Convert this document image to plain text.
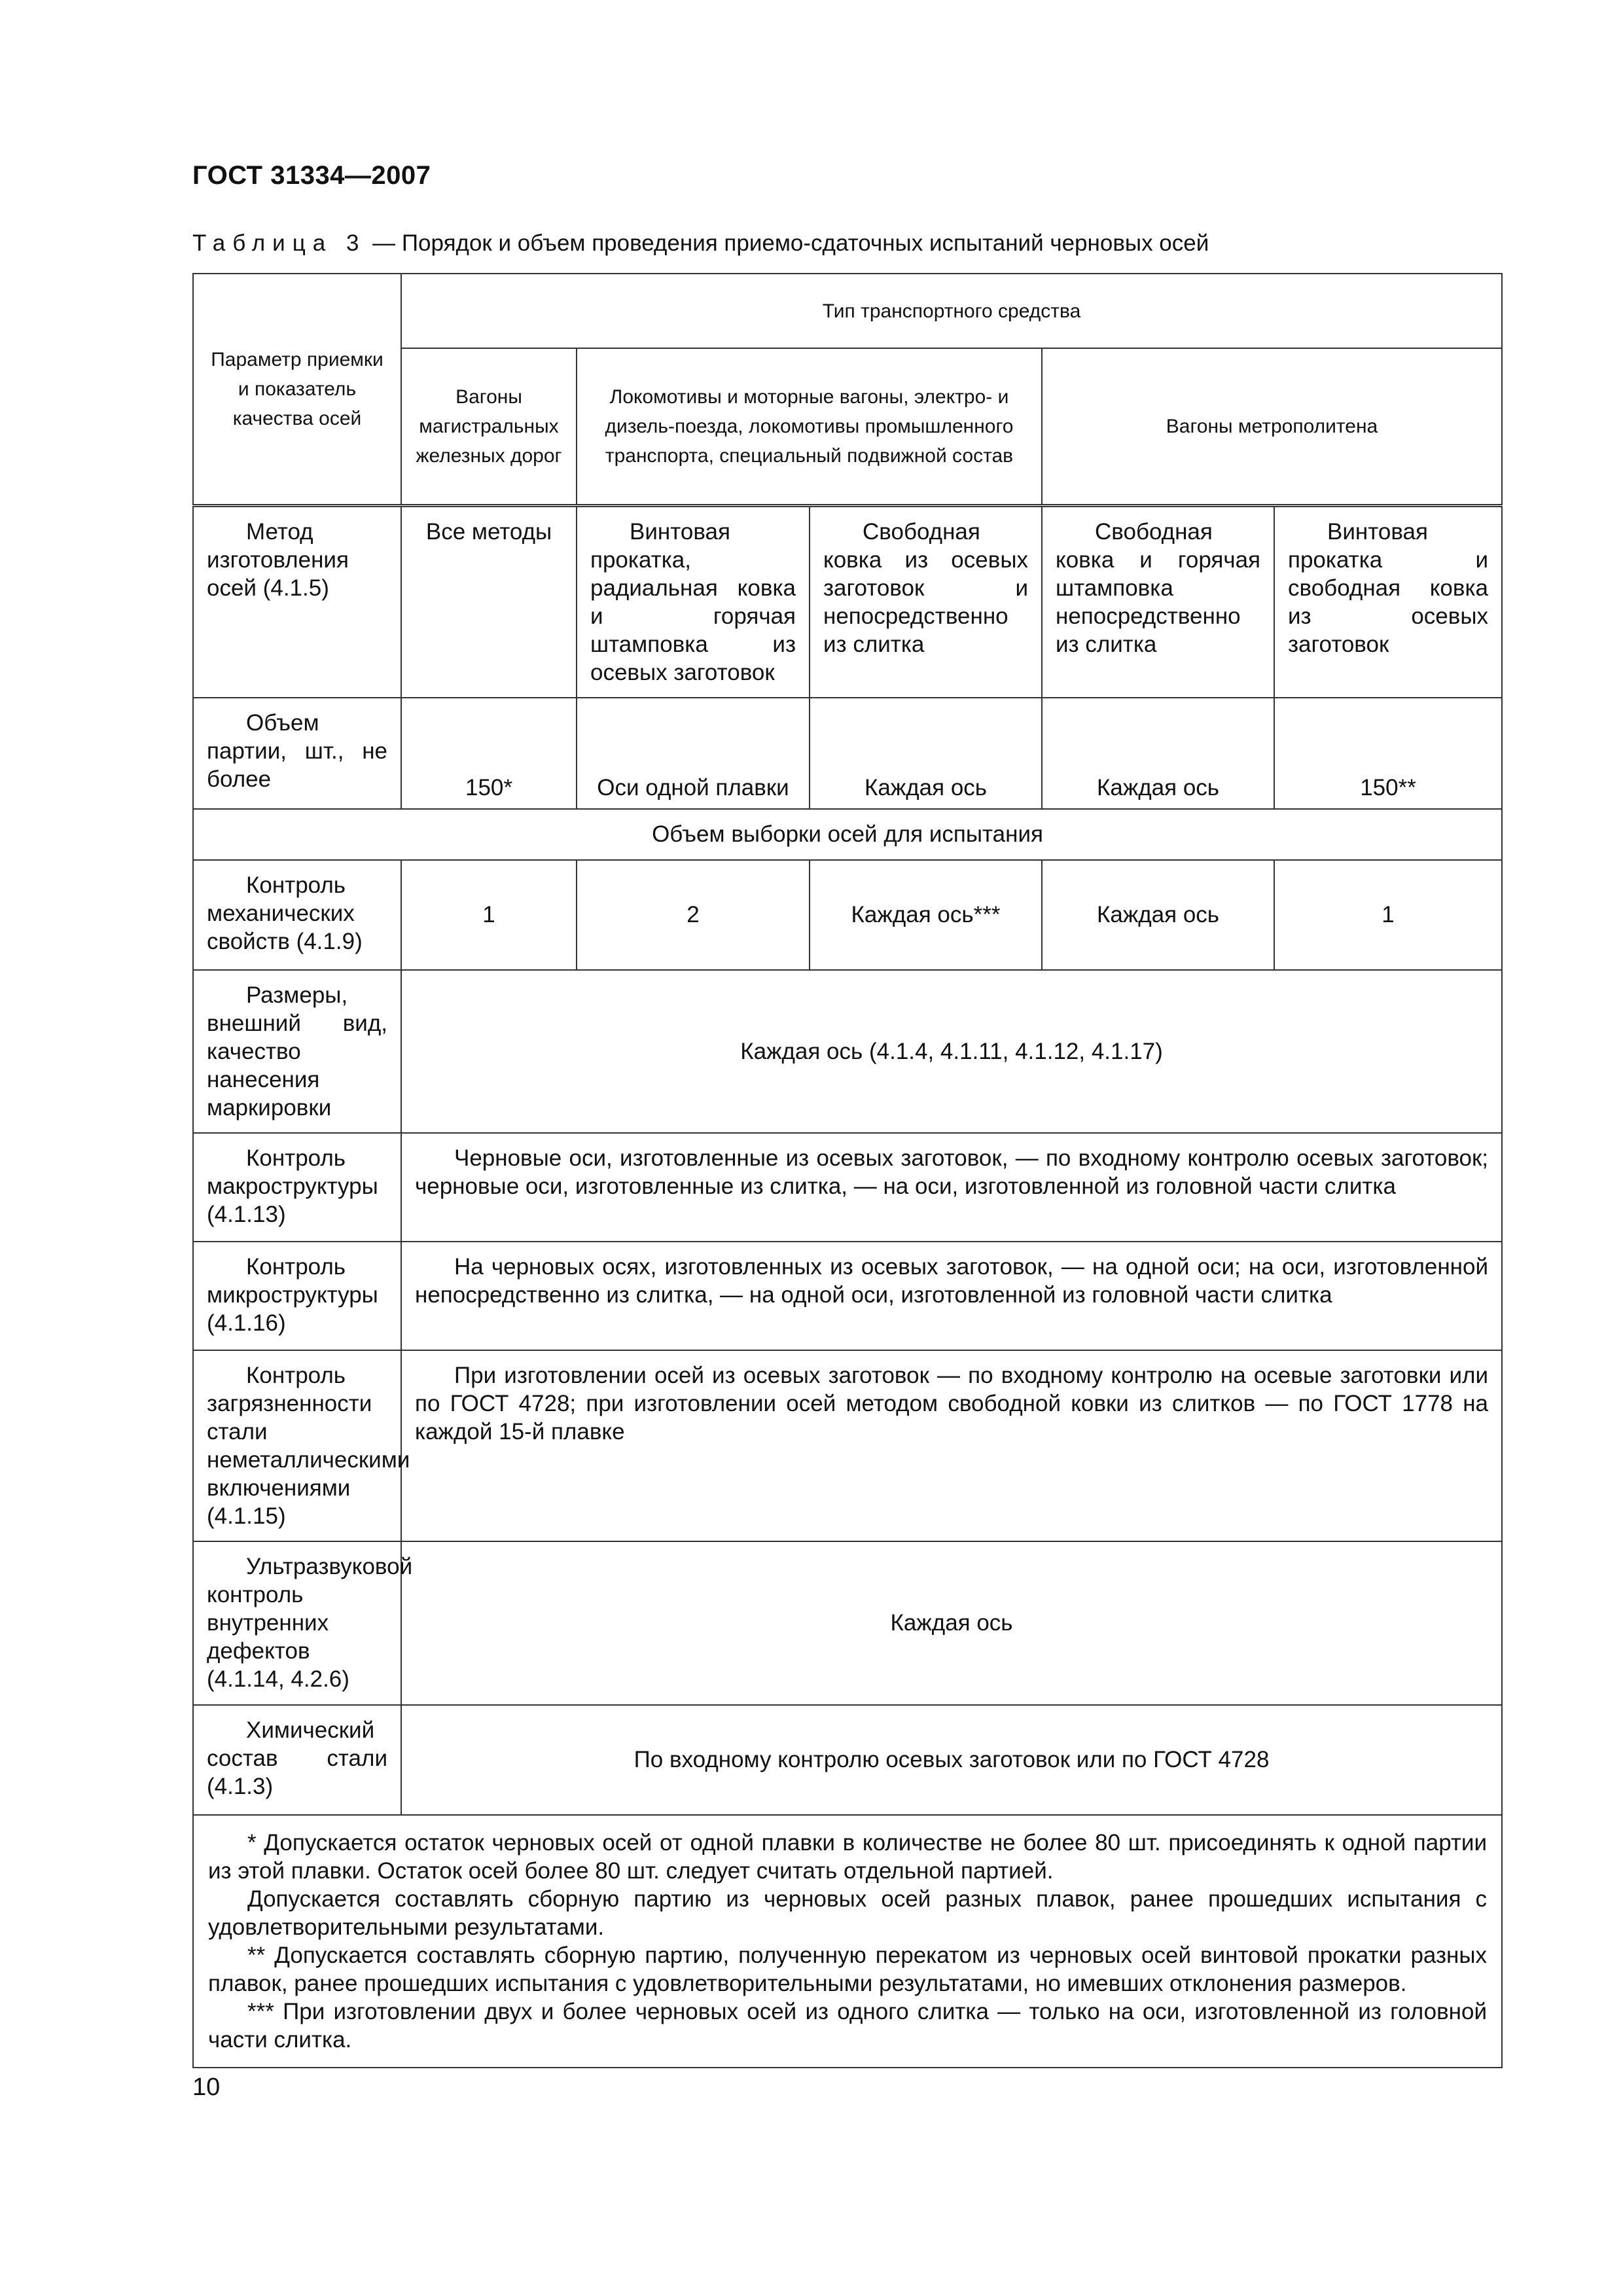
ГОСТ 31334—2007
Таблица 3 — Порядок и объем проведения приемо-сдаточных испытаний черновых осей
Параметр приемки и показатель качества осей	Тип транспортного средства				
	Вагоны магистральных железных дорог	Локомотивы и моторные вагоны, электро- и дизель-поезда, локомотивы промышленного транспорта, специальный подвижной состав		Вагоны метрополитена	

Метод изготовления осей (4.1.5)	Все методы	Винтовая прокатка, радиальная ковка и горячая штамповка из осевых заготовок	Свободная ковка из осевых заготовок и непосредственно из слитка	Свободная ковка и горячая штамповка непосредственно из слитка	Винтовая прокатка и свободная ковка из осевых заготовок

Объем партии, шт., не более	150*	Оси одной плавки	Каждая ось	Каждая ось	150**
Объем выборки осей для испытания					

Контроль механических свойств (4.1.9)	1	2	Каждая ось***	Каждая ось	1

Размеры, внешний вид, качество нанесения маркировки	Каждая ось (4.1.4, 4.1.11, 4.1.12, 4.1.17)				

Контроль макроструктуры (4.1.13)	Черновые оси, изготовленные из осевых заготовок, — по входному контролю осевых заготовок; черновые оси, изготовленные из слитка, — на оси, изготовленной из головной части слитка				

Контроль микроструктуры (4.1.16)	На черновых осях, изготовленных из осевых заготовок, — на одной оси; на оси, изготовленной непосредственно из слитка, — на одной оси, изготовленной из головной части слитка				

Контроль загрязненности стали неметаллическими включениями (4.1.15)	При изготовлении осей из осевых заготовок — по входному контролю на осевые заготовки или по ГОСТ 4728; при изготовлении осей методом свободной ковки из слитков — по ГОСТ 1778 на каждой 15-й плавке				

Ультразвуковой контроль внутренних дефектов (4.1.14, 4.2.6)	Каждая ось				

Химический состав стали (4.1.3)	По входному контролю осевых заготовок или по ГОСТ 4728				

* Допускается остаток черновых осей от одной плавки в количестве не более 80 шт. присоединять к одной партии из этой плавки. Остаток осей более 80 шт. следует считать отдельной партией.

Допускается составлять сборную партию из черновых осей разных плавок, ранее прошедших испытания с удовлетворительными результатами.

** Допускается составлять сборную партию, полученную перекатом из черновых осей винтовой прокатки разных плавок, ранее прошедших испытания с удовлетворительными результатами, но имевших отклонения размеров.

*** При изготовлении двух и более черновых осей из одного слитка — только на оси, изготовленной из головной части слитка.					

10
